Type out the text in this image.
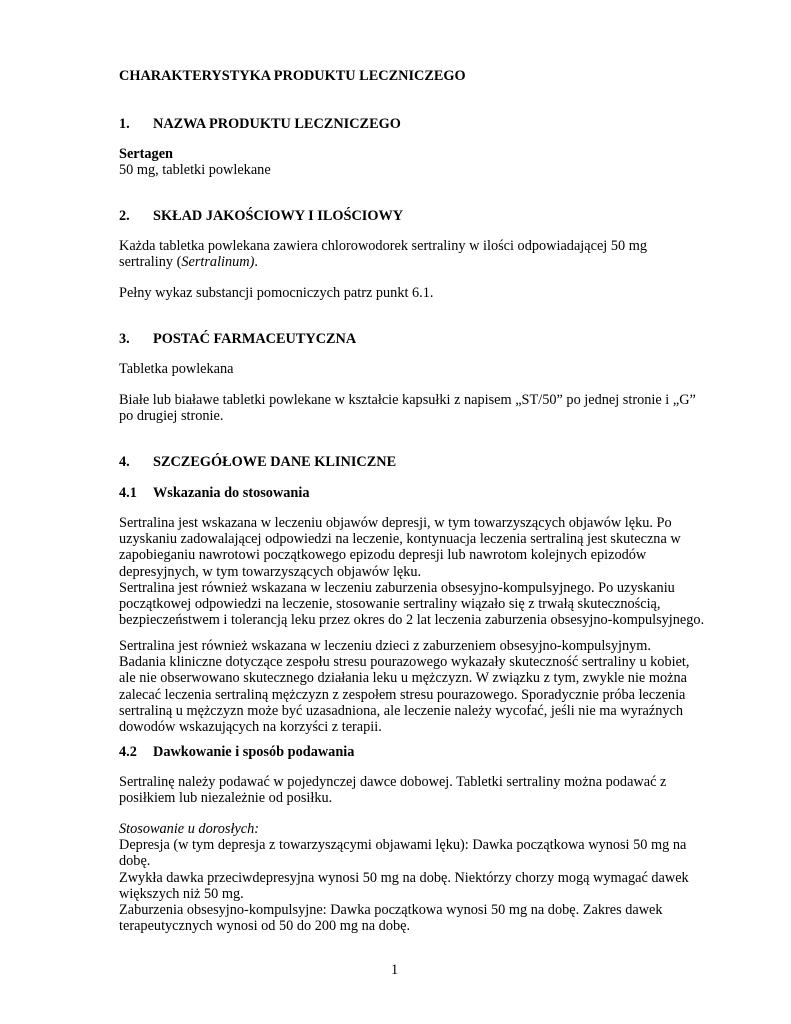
CHARAKTERYSTYKA PRODUKTU LECZNICZEGO

1. NAZWA PRODUKTU LECZNICZEGO

Sertagen
50 mg, tabletki powlekane

2. SKŁAD JAKOŚCIOWY I ILOŚCIOWY

Każda tabletka powlekana zawiera chlorowodorek sertraliny w ilości odpowiadającej 50 mg
sertraliny (Sertralinum).

Pełny wykaz substancji pomocniczych patrz punkt 6.1.

3. POSTAĆ FARMACEUTYCZNA

Tabletka powlekana

Białe lub białawe tabletki powlekane w kształcie kapsułki z napisem „ST/50” po jednej stronie i „G”
po drugiej stronie.

4. SZCZEGÓŁOWE DANE KLINICZNE

4.1 Wskazania do stosowania

Sertralina jest wskazana w leczeniu objawów depresji, w tym towarzyszących objawów lęku. Po
uzyskaniu zadowalającej odpowiedzi na leczenie, kontynuacja leczenia sertraliną jest skuteczna w
zapobieganiu nawrotowi początkowego epizodu depresji lub nawrotom kolejnych epizodów
depresyjnych, w tym towarzyszących objawów lęku.
Sertralina jest również wskazana w leczeniu zaburzenia obsesyjno-kompulsyjnego. Po uzyskaniu
początkowej odpowiedzi na leczenie, stosowanie sertraliny wiązało się z trwałą skutecznością,
bezpieczeństwem i tolerancją leku przez okres do 2 lat leczenia zaburzenia obsesyjno-kompulsyjnego.

Sertralina jest również wskazana w leczeniu dzieci z zaburzeniem obsesyjno-kompulsyjnym.
Badania kliniczne dotyczące zespołu stresu pourazowego wykazały skuteczność sertraliny u kobiet,
ale nie obserwowano skutecznego działania leku u mężczyzn. W związku z tym, zwykle nie można
zalecać leczenia sertraliną mężczyzn z zespołem stresu pourazowego. Sporadycznie próba leczenia
sertraliną u mężczyzn może być uzasadniona, ale leczenie należy wycofać, jeśli nie ma wyraźnych
dowodów wskazujących na korzyści z terapii.

4.2 Dawkowanie i sposób podawania

Sertralinę należy podawać w pojedynczej dawce dobowej. Tabletki sertraliny można podawać z
posiłkiem lub niezależnie od posiłku.

Stosowanie u dorosłych:
Depresja (w tym depresja z towarzyszącymi objawami lęku): Dawka początkowa wynosi 50 mg na
dobę.
Zwykła dawka przeciwdepresyjna wynosi 50 mg na dobę. Niektórzy chorzy mogą wymagać dawek
większych niż 50 mg.
Zaburzenia obsesyjno-kompulsyjne: Dawka początkowa wynosi 50 mg na dobę. Zakres dawek
terapeutycznych wynosi od 50 do 200 mg na dobę.

1
